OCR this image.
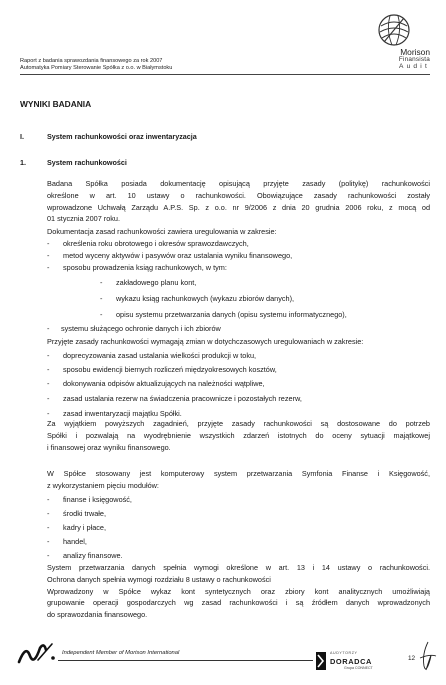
Raport z badania sprawozdania finansowego za rok 2007
Automatyka Pomiary Sterowanie Spółka z o.o. w Białymstoku
Morison
Finansista
Audit
WYNIKI BADANIA
I.	System rachunkowości oraz inwentaryzacja
1.	System rachunkowości
Badana Spółka posiada dokumentację opisującą przyjęte zasady (politykę) rachunkowości
określone w art. 10 ustawy o rachunkowości. Obowiązujące zasady rachunkowości zostały
wprowadzone Uchwałą Zarządu A.P.S. Sp. z o.o. nr 9/2006 z dnia 20 grudnia 2006 roku, z mocą od
01 stycznia 2007 roku.
Dokumentacja zasad rachunkowości zawiera uregulowania w zakresie:
- określenia roku obrotowego i okresów sprawozdawczych,
- metod wyceny aktywów i pasywów oraz ustalania wyniku finansowego,
- sposobu prowadzenia ksiąg rachunkowych, w tym:
- zakładowego planu kont,
- wykazu ksiąg rachunkowych (wykazu zbiorów danych),
- opisu systemu przetwarzania danych (opisu systemu informatycznego),
- systemu służącego ochronie danych i ich zbiorów
Przyjęte zasady rachunkowości wymagają zmian w dotychczasowych uregulowaniach w zakresie:
- doprecyzowania zasad ustalania wielkości produkcji w toku,
- sposobu ewidencji biernych rozliczeń międzyokresowych kosztów,
- dokonywania odpisów aktualizujących na należności wątpliwe,
- zasad ustalania rezerw na świadczenia pracownicze i pozostałych rezerw,
- zasad inwentaryzacji majątku Spółki.
Za wyjątkiem powyższych zagadnień, przyjęte zasady rachunkowości są dostosowane do potrzeb
Spółki i pozwalają na wyodrębnienie wszystkich zdarzeń istotnych do oceny sytuacji majątkowej
i finansowej oraz wyniku finansowego.
W Spółce stosowany jest komputerowy system przetwarzania Symfonia Finanse i Księgowość,
z wykorzystaniem pięciu modułów:
- finanse i księgowość,
- środki trwałe,
- kadry i płace,
- handel,
- analizy finansowe.
System przetwarzania danych spełnia wymogi określone w art. 13 i 14 ustawy o rachunkowości.
Ochrona danych spełnia wymogi rozdziału 8 ustawy o rachunkowości
Wprowadzony w Spółce wykaz kont syntetycznych oraz zbiory kont analitycznych umożliwiają
grupowanie operacji gospodarczych wg zasad rachunkowości i są źródłem danych wprowadzonych
do sprawozdania finansowego.
Independent Member of Morison International	AUDYTORZY
DORADCA
Grupa CONNECT
12
